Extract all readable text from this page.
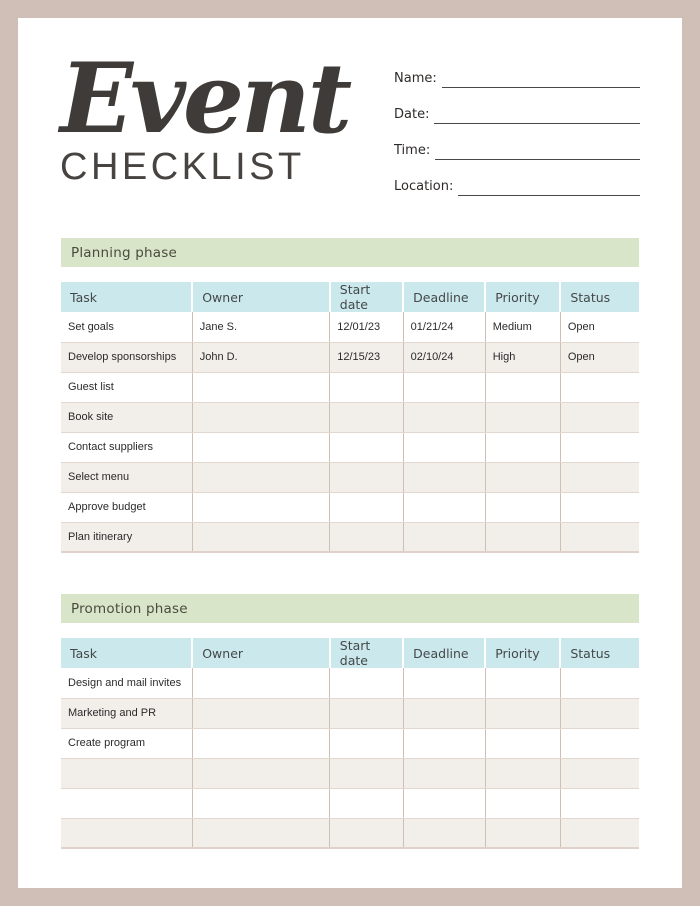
Event
CHECKLIST
Name:
Date:
Time:
Location:
Planning phase
Task	Owner	Start date	Deadline	Priority	Status
Set goals	Jane S.	12/01/23	01/21/24	Medium	Open
Develop sponsorships	John D.	12/15/23	02/10/24	High	Open
Guest list					
Book site					
Contact suppliers					
Select menu					
Approve budget					
Plan itinerary					
Promotion phase
Task	Owner	Start date	Deadline	Priority	Status
Design and mail invites					
Marketing and PR					
Create program					
